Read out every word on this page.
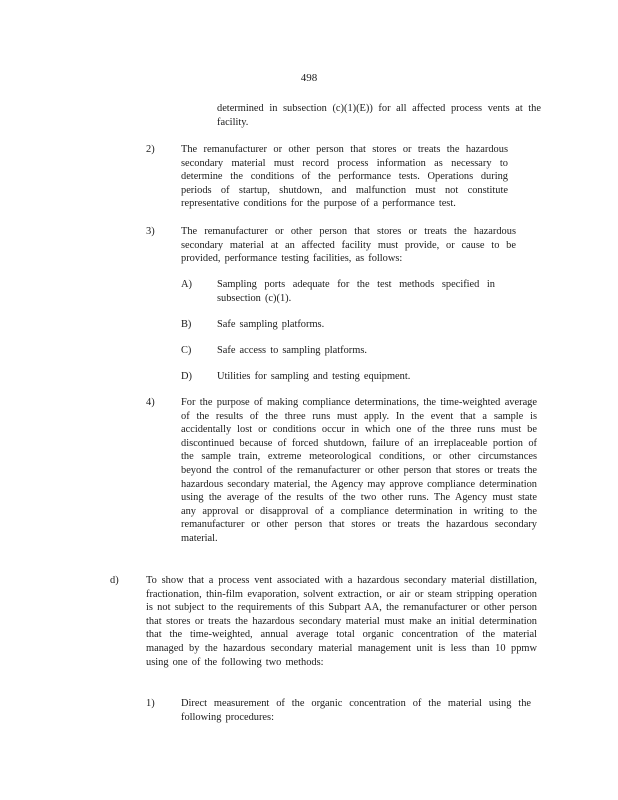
498

determined in subsection (c)(1)(E)) for all affected process vents at the facility.

2)	The remanufacturer or other person that stores or treats the hazardous secondary material must record process information as necessary to determine the conditions of the performance tests. Operations during periods of startup, shutdown, and malfunction must not constitute representative conditions for the purpose of a performance test.

3)	The remanufacturer or other person that stores or treats the hazardous secondary material at an affected facility must provide, or cause to be provided, performance testing facilities, as follows:

A) Sampling ports adequate for the test methods specified in subsection (c)(1).

B) Safe sampling platforms.

C) Safe access to sampling platforms.

D) Utilities for sampling and testing equipment.

4)	For the purpose of making compliance determinations, the time-weighted average of the results of the three runs must apply. In the event that a sample is accidentally lost or conditions occur in which one of the three runs must be discontinued because of forced shutdown, failure of an irreplaceable portion of the sample train, extreme meteorological conditions, or other circumstances beyond the control of the remanufacturer or other person that stores or treats the hazardous secondary material, the Agency may approve compliance determination using the average of the results of the two other runs. The Agency must state any approval or disapproval of a compliance determination in writing to the remanufacturer or other person that stores or treats the hazardous secondary material.

d)	To show that a process vent associated with a hazardous secondary material distillation, fractionation, thin-film evaporation, solvent extraction, or air or steam stripping operation is not subject to the requirements of this Subpart AA, the remanufacturer or other person that stores or treats the hazardous secondary material must make an initial determination that the time-weighted, annual average total organic concentration of the material managed by the hazardous secondary material management unit is less than 10 ppmw using one of the following two methods:

1)	Direct measurement of the organic concentration of the material using the following procedures:
